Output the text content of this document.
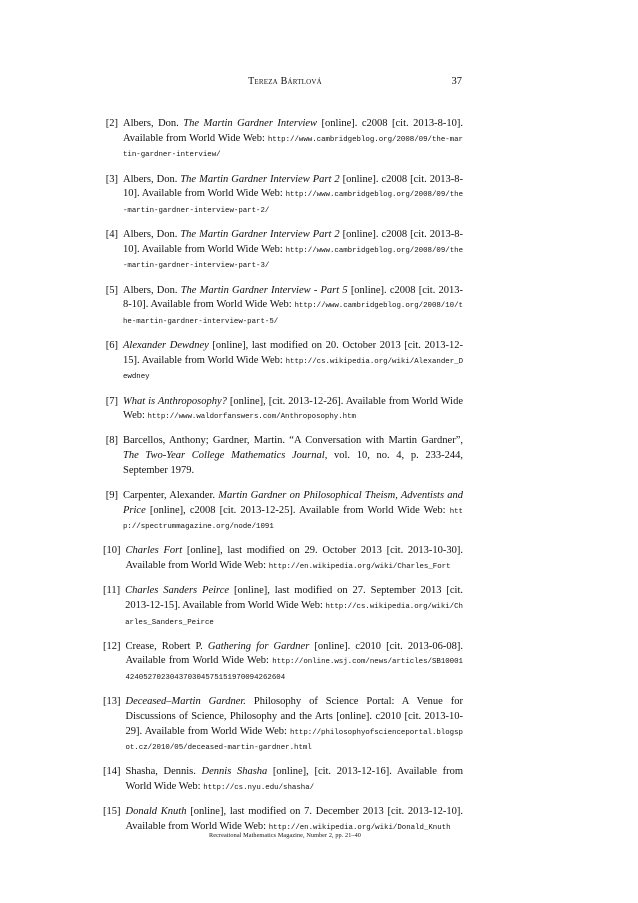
Tereza Bártlová	37
[2] Albers, Don. The Martin Gardner Interview [online]. c2008 [cit. 2013-8-10]. Available from World Wide Web: http://www.cambridgeblog.org/2008/09/the-martin-gardner-interview/
[3] Albers, Don. The Martin Gardner Interview Part 2 [online]. c2008 [cit. 2013-8-10]. Available from World Wide Web: http://www.cambridgeblog.org/2008/09/the-martin-gardner-interview-part-2/
[4] Albers, Don. The Martin Gardner Interview Part 2 [online]. c2008 [cit. 2013-8-10]. Available from World Wide Web: http://www.cambridgeblog.org/2008/09/the-martin-gardner-interview-part-3/
[5] Albers, Don. The Martin Gardner Interview - Part 5 [online]. c2008 [cit. 2013-8-10]. Available from World Wide Web: http://www.cambridgeblog.org/2008/10/the-martin-gardner-interview-part-5/
[6] Alexander Dewdney [online], last modified on 20. October 2013 [cit. 2013-12-15]. Available from World Wide Web: http://cs.wikipedia.org/wiki/Alexander_Dewdney
[7] What is Anthroposophy? [online], [cit. 2013-12-26]. Available from World Wide Web: http://www.waldorfanswers.com/Anthroposophy.htm
[8] Barcellos, Anthony; Gardner, Martin. “A Conversation with Martin Gardner”, The Two-Year College Mathematics Journal, vol. 10, no. 4, p. 233-244, September 1979.
[9] Carpenter, Alexander. Martin Gardner on Philosophical Theism, Adventists and Price [online], c2008 [cit. 2013-12-25]. Available from World Wide Web: http://spectrummagazine.org/node/1091
[10] Charles Fort [online], last modified on 29. October 2013 [cit. 2013-10-30]. Available from World Wide Web: http://en.wikipedia.org/wiki/Charles_Fort
[11] Charles Sanders Peirce [online], last modified on 27. September 2013 [cit. 2013-12-15]. Available from World Wide Web: http://cs.wikipedia.org/wiki/Charles_Sanders_Peirce
[12] Crease, Robert P. Gathering for Gardner [online]. c2010 [cit. 2013-06-08]. Available from World Wide Web: http://online.wsj.com/news/articles/SB10001424052702304370304575151970094262604
[13] Deceased–Martin Gardner. Philosophy of Science Portal: A Venue for Discussions of Science, Philosophy and the Arts [online]. c2010 [cit. 2013-10-29]. Available from World Wide Web: http://philosophyofscienceportal.blogspot.cz/2010/05/deceased-martin-gardner.html
[14] Shasha, Dennis. Dennis Shasha [online], [cit. 2013-12-16]. Available from World Wide Web: http://cs.nyu.edu/shasha/
[15] Donald Knuth [online], last modified on 7. December 2013 [cit. 2013-12-10]. Available from World Wide Web: http://en.wikipedia.org/wiki/Donald_Knuth
Recreational Mathematics Magazine, Number 2, pp. 21–40
